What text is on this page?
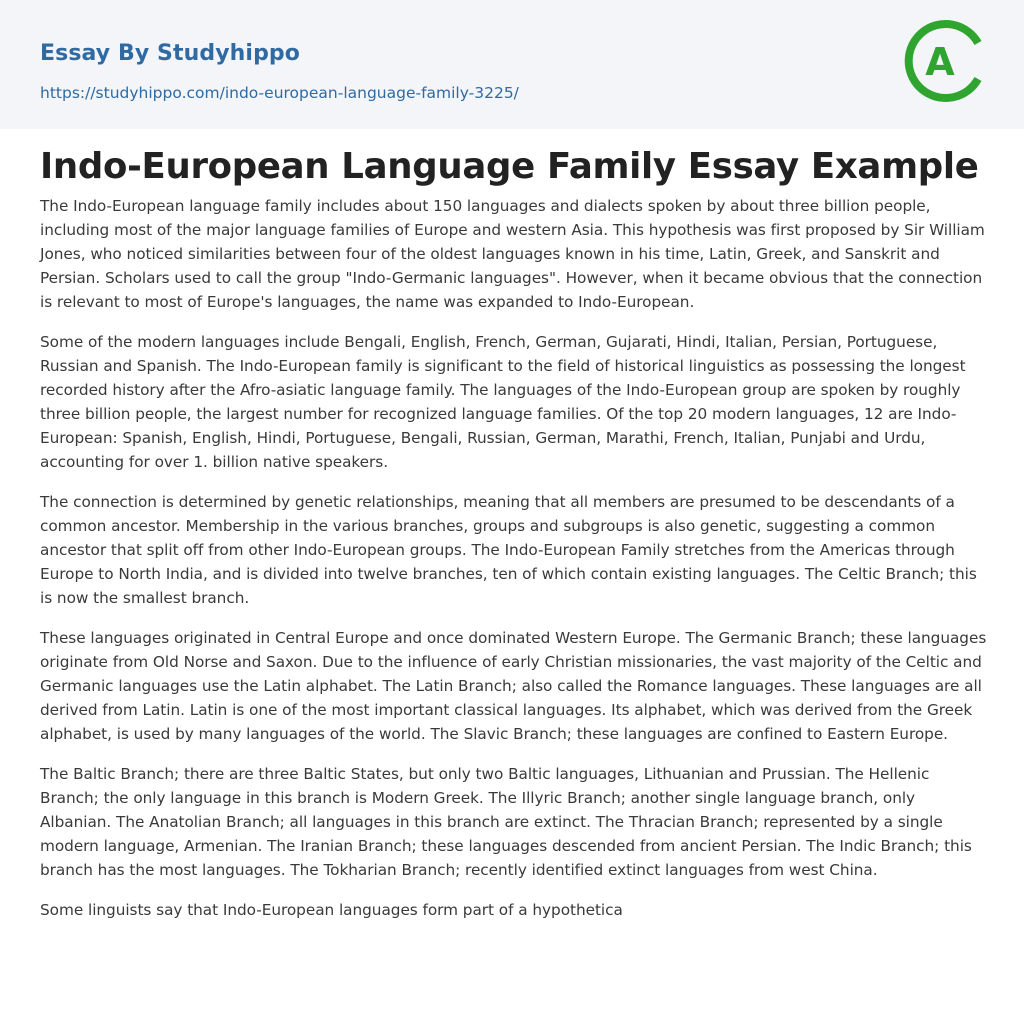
Essay By Studyhippo
https://studyhippo.com/indo-european-language-family-3225/
A
Indo-European Language Family Essay Example

The Indo-European language family includes about 150 languages and dialects spoken by about three billion people, including most of the major language families of Europe and western Asia. This hypothesis was first proposed by Sir William Jones, who noticed similarities between four of the oldest languages known in his time, Latin, Greek, and Sanskrit and Persian. Scholars used to call the group "Indo-Germanic languages". However, when it became obvious that the connection is relevant to most of Europe's languages, the name was expanded to Indo-European.

Some of the modern languages include Bengali, English, French, German, Gujarati, Hindi, Italian, Persian, Portuguese, Russian and Spanish. The Indo-European family is significant to the field of historical linguistics as possessing the longest recorded history after the Afro-asiatic language family. The languages of the Indo-European group are spoken by roughly three billion people, the largest number for recognized language families. Of the top 20 modern languages, 12 are Indo-European: Spanish, English, Hindi, Portuguese, Bengali, Russian, German, Marathi, French, Italian, Punjabi and Urdu, accounting for over 1. billion native speakers.

The connection is determined by genetic relationships, meaning that all members are presumed to be descendants of a common ancestor. Membership in the various branches, groups and subgroups is also genetic, suggesting a common ancestor that split off from other Indo-European groups. The Indo-European Family stretches from the Americas through Europe to North India, and is divided into twelve branches, ten of which contain existing languages. The Celtic Branch; this is now the smallest branch.

These languages originated in Central Europe and once dominated Western Europe. The Germanic Branch; these languages originate from Old Norse and Saxon. Due to the influence of early Christian missionaries, the vast majority of the Celtic and Germanic languages use the Latin alphabet. The Latin Branch; also called the Romance languages. These languages are all derived from Latin. Latin is one of the most important classical languages. Its alphabet, which was derived from the Greek alphabet, is used by many languages of the world. The Slavic Branch; these languages are confined to Eastern Europe.

The Baltic Branch; there are three Baltic States, but only two Baltic languages, Lithuanian and Prussian. The Hellenic Branch; the only language in this branch is Modern Greek. The Illyric Branch; another single language branch, only Albanian. The Anatolian Branch; all languages in this branch are extinct. The Thracian Branch; represented by a single modern language, Armenian. The Iranian Branch; these languages descended from ancient Persian. The Indic Branch; this branch has the most languages. The Tokharian Branch; recently identified extinct languages from west China.

Some linguists say that Indo-European languages form part of a hypothetica
